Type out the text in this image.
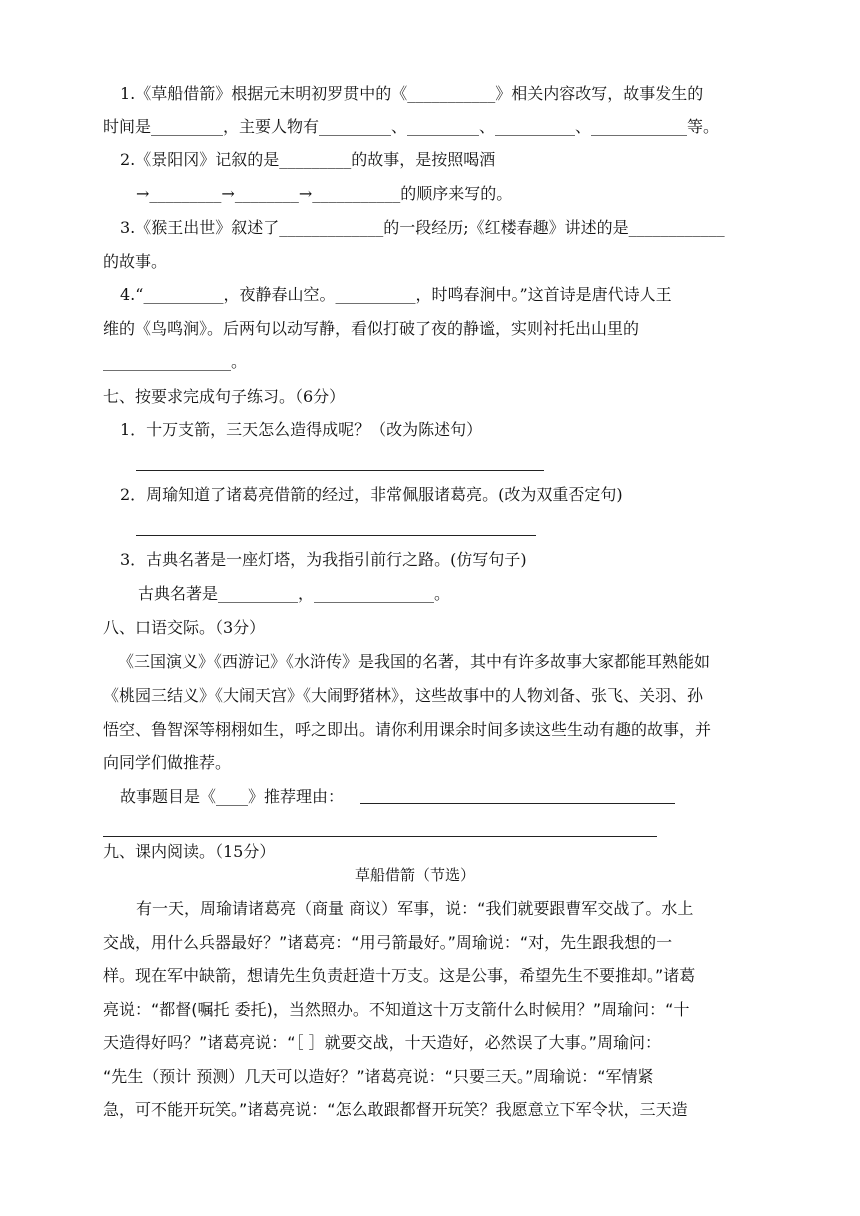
1.《草船借箭》根据元末明初罗贯中的《___________》相关内容改写，故事发生的
时间是_________，主要人物有_________、_________、__________、____________等。
2.《景阳冈》记叙的是_________的故事，是按照喝酒
→_________→________→___________的顺序来写的。
3.《猴王出世》叙述了_____________的一段经历;《红楼春趣》讲述的是____________
的故事。
4.“__________，夜静春山空。__________，时鸣春涧中。”这首诗是唐代诗人王
维的《鸟鸣涧》。后两句以动写静，看似打破了夜的静谧，实则衬托出山里的
________________。
七、按要求完成句子练习。（6分）
1．十万支箭，三天怎么造得成呢？（改为陈述句）
2．周瑜知道了诸葛亮借箭的经过，非常佩服诸葛亮。(改为双重否定句)
3．古典名著是一座灯塔，为我指引前行之路。(仿写句子)
古典名著是__________，_______________。
八、口语交际。（3分）
《三国演义》《西游记》《水浒传》是我国的名著，其中有许多故事大家都能耳熟能如
《桃园三结义》《大闹天宫》《大闹野猪林》，这些故事中的人物刘备、张飞、关羽、孙
悟空、鲁智深等栩栩如生，呼之即出。请你利用课余时间多读这些生动有趣的故事，并
向同学们做推荐。
故事题目是《____》推荐理由：
九、课内阅读。（15分）
草船借箭（节选）
有一天，周瑜请诸葛亮（商量 商议）军事，说：“我们就要跟曹军交战了。水上
交战，用什么兵器最好？”诸葛亮：“用弓箭最好。”周瑜说：“对，先生跟我想的一
样。现在军中缺箭，想请先生负责赶造十万支。这是公事，希望先生不要推却。”诸葛
亮说：“都督(嘱托 委托)，当然照办。不知道这十万支箭什么时候用？”周瑜问：“十
天造得好吗？”诸葛亮说：“［ ］就要交战，十天造好，必然误了大事。”周瑜问：
“先生（预计 预测）几天可以造好？”诸葛亮说：“只要三天。”周瑜说：“军情紧
急，可不能开玩笑。”诸葛亮说：“怎么敢跟都督开玩笑？我愿意立下军令状，三天造
